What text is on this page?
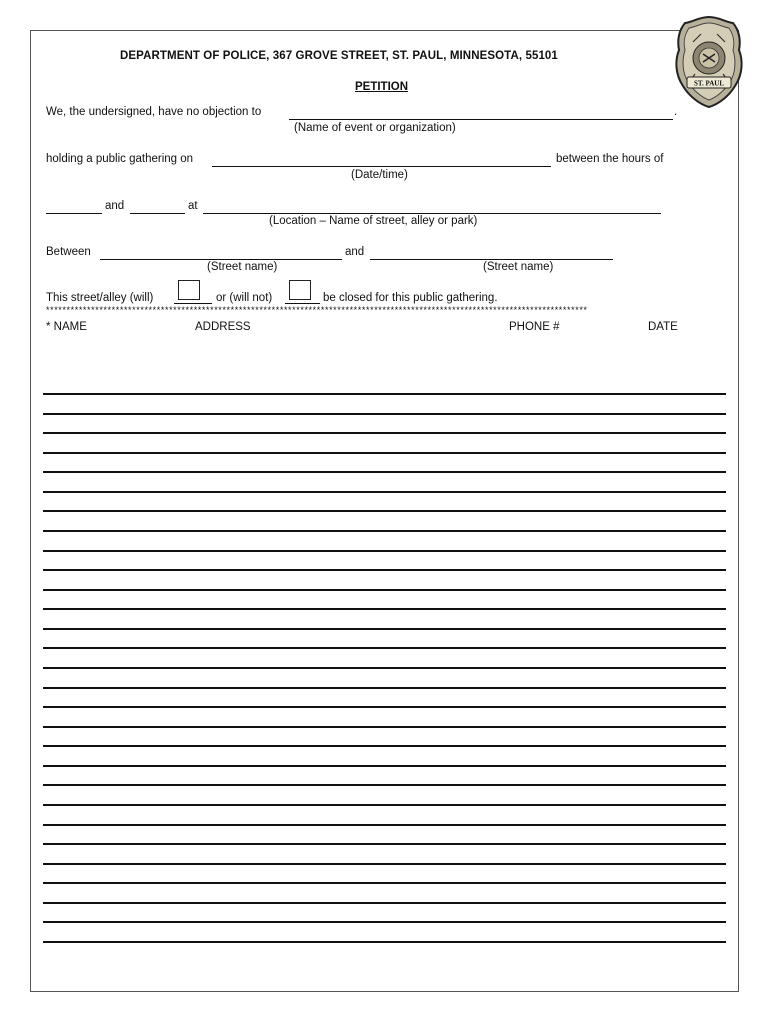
ST. PAUL
DEPARTMENT OF POLICE, 367 GROVE STREET, ST. PAUL, MINNESOTA, 55101
PETITION
We, the undersigned, have no objection to	.
(Name of event or organization)
holding a public gathering on	between the hours of
(Date/time)
and	at
(Location – Name of street, alley or park)
Between	and
(Street name)	(Street name)
This street/alley (will)	or (will not)	be closed for this public gathering.
************************************************************************************************************************************
* NAME	ADDRESS	PHONE #	DATE
